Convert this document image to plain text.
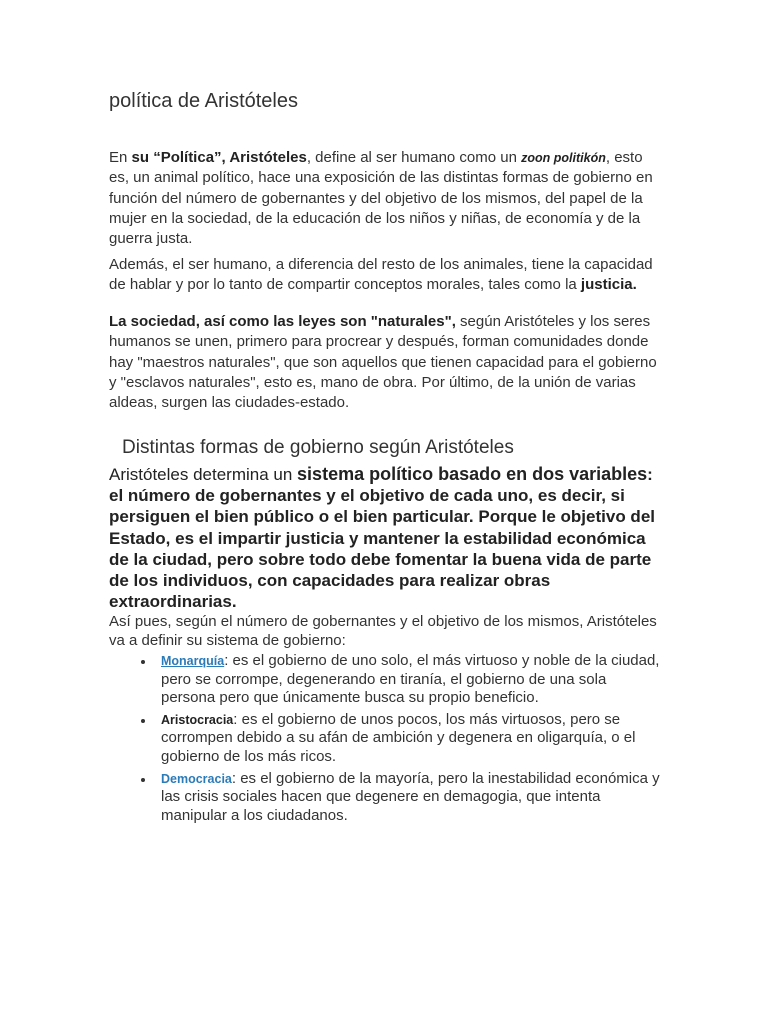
política de Aristóteles

En su “Política”, Aristóteles, define al ser humano como un zoon politikón, esto es, un animal político, hace una exposición de las distintas formas de gobierno en función del número de gobernantes y del objetivo de los mismos, del papel de la mujer en la sociedad, de la educación de los niños y niñas, de economía y de la guerra justa.

Además, el ser humano, a diferencia del resto de los animales, tiene la capacidad de hablar y por lo tanto de compartir conceptos morales, tales como la justicia.

La sociedad, así como las leyes son "naturales", según Aristóteles y los seres humanos se unen, primero para procrear y después, forman comunidades donde hay "maestros naturales", que son aquellos que tienen capacidad para el gobierno y "esclavos naturales", esto es, mano de obra. Por último, de la unión de varias aldeas, surgen las ciudades-estado.

Distintas formas de gobierno según Aristóteles

Aristóteles determina un sistema político basado en dos variables: el número de gobernantes y el objetivo de cada uno, es decir, si persiguen el bien público o el bien particular. Porque le objetivo del Estado, es el impartir justicia y mantener la estabilidad económica de la ciudad, pero sobre todo debe fomentar la buena vida de parte de los individuos, con capacidades para realizar obras extraordinarias.

Así pues, según el número de gobernantes y el objetivo de los mismos, Aristóteles va a definir su sistema de gobierno:

Monarquía: es el gobierno de uno solo, el más virtuoso y noble de la ciudad, pero se corrompe, degenerando en tiranía, el gobierno de una sola persona pero que únicamente busca su propio beneficio.
Aristocracia: es el gobierno de unos pocos, los más virtuosos, pero se corrompen debido a su afán de ambición y degenera en oligarquía, o el gobierno de los más ricos.
Democracia: es el gobierno de la mayoría, pero la inestabilidad económica y las crisis sociales hacen que degenere en demagogia, que intenta manipular a los ciudadanos.
